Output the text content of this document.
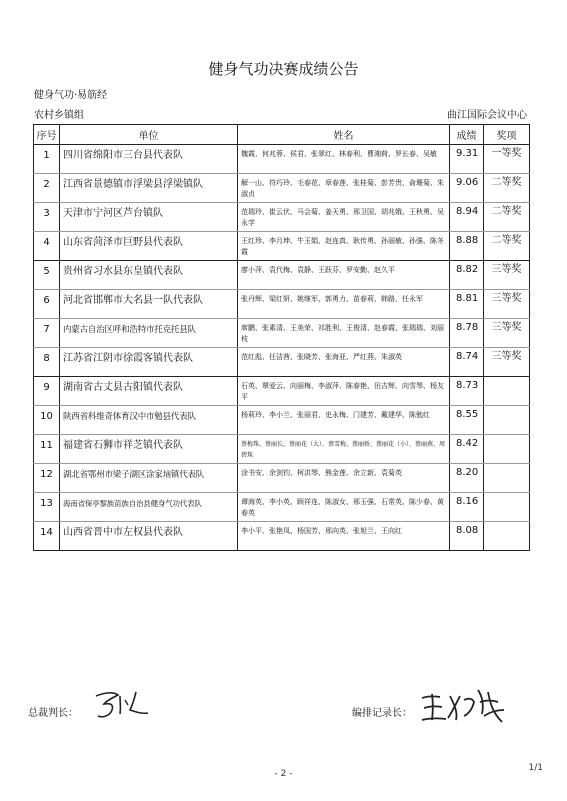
健身气功决赛成绩公告
健身气功·易筋经
农村乡镇组	曲江国际会议中心
序号	单位	姓名	成绩	奖项
1	四川省绵阳市三台县代表队	魏霞、何兆蓉、侯君、张翠红、林春利、曹湘荷、罗长春、吴敏	9.31	一等奖
2	江西省景德镇市浮梁县浮梁镇队	解一山、符巧玲、毛春花、章春莲、张桂菊、彭芳贵、俞珊菊、朱淑贞	9.06	二等奖
3	天津市宁河区芦台镇队	范瑞玲、崔云伏、马会菊、姜天勇、邢卫国、胡兆娥、王秋勇、吴永学	8.94	二等奖
4	山东省菏泽市巨野县代表队	王红珍、李月坤、牛玉娟、赵连真、耿传勇、孙丽敏、孙强、陈冬霞	8.88	二等奖
5	贵州省习水县东皇镇代表队	廖小萍、袁代梅、袁静、王跃芬、罗安勤、赵久平	8.82	三等奖
6	河北省邯郸市大名县一队代表队	张丹辉、梁红妍、姚继军、郭勇力、苗春莉、韩路、任永军	8.81	三等奖
7	内蒙古自治区呼和浩特市托克托县队	席鹏、张素清、王美荣、祁胜利、王俊清、赵春霞、张瑞瑞、刘丽枝	8.78	三等奖
8	江苏省江阴市徐霞客镇代表队	范红彪、任洁茜、张晓芳、张海亚、严红燕、朱淑英	8.74	三等奖
9	湖南省古丈县古阳镇代表队	石英、覃爱云、向丽梅、李淑萍、陈春艳、田吉辉、向雪琴、杨友平	8.73	
10	陕西省科维奇体育汉中市勉县代表队	杨莉玲、李小兰、张丽君、史永梅、门建芳、戴建华、陈勉红	8.55	
11	福建省石狮市祥芝镇代表队	蔡梅珠、蔡丽长、蔡丽花（大）、蔡雪梅、蔡丽娇、蔡丽花（小）、蔡丽燕、周碧珠	8.42	
12	湖北省鄂州市梁子湖区涂家垴镇代表队	涂书安、余剑钧、柯洪琴、熊金莲、余立新、袁菊英	8.20	
13	海南省保亭黎族苗族自治县健身气功代表队	谭海英、李小英、顾祥连、陈淑女、邢玉强、石常英、陈少春、黄春英	8.16	
14	山西省晋中市左权县代表队	李小平、张艳凤、杨国芳、邢向英、张旭兰、王向红	8.08	
总裁判长：	编排记录长：
- 2 -
1/1
